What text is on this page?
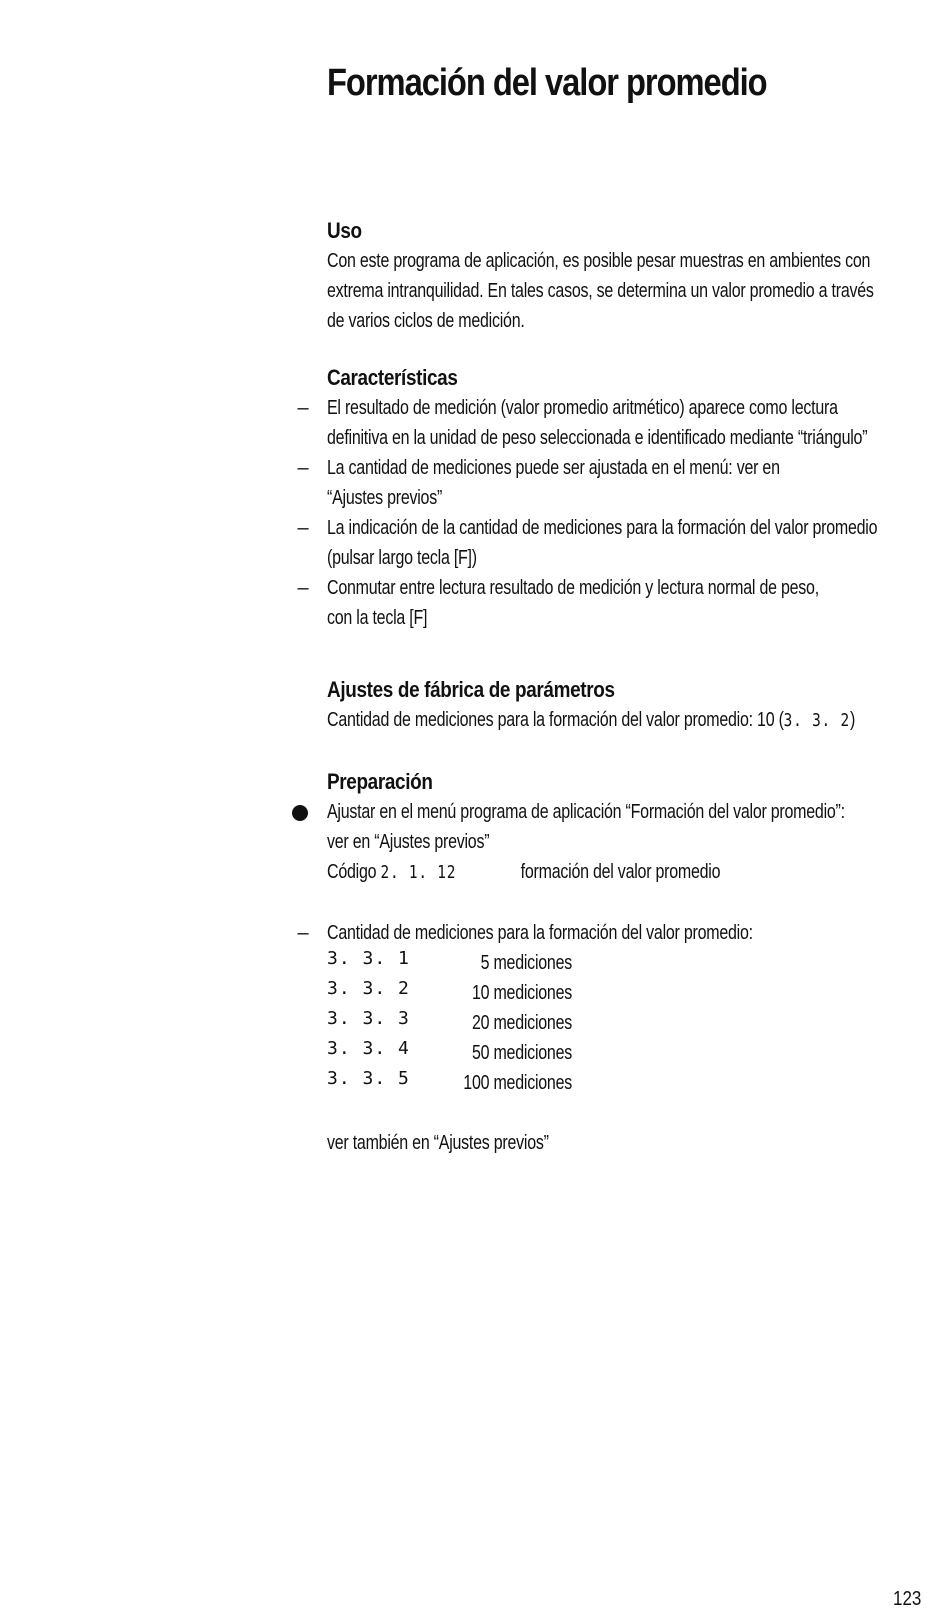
Formación del valor promedio
Uso
Con este programa de aplicación, es posible pesar muestras en ambientes con
extrema intranquilidad. En tales casos, se determina un valor promedio a través
de varios ciclos de medición.
Características
– El resultado de medición (valor promedio aritmético) aparece como lectura
definitiva en la unidad de peso seleccionada e identificado mediante “triángulo”
– La cantidad de mediciones puede ser ajustada en el menú: ver en
“Ajustes previos”
– La indicación de la cantidad de mediciones para la formación del valor promedio
(pulsar largo tecla [F])
– Conmutar entre lectura resultado de medición y lectura normal de peso,
con la tecla [F]
Ajustes de fábrica de parámetros
Cantidad de mediciones para la formación del valor promedio: 10 (3. 3. 2)
Preparación
Ajustar en el menú programa de aplicación “Formación del valor promedio”:
ver en “Ajustes previos”
Código 2. 1. 12	formación del valor promedio
– Cantidad de mediciones para la formación del valor promedio:
3. 3. 1	5 mediciones
3. 3. 2	10 mediciones
3. 3. 3	20 mediciones
3. 3. 4	50 mediciones
3. 3. 5	100 mediciones
ver también en “Ajustes previos”
123
